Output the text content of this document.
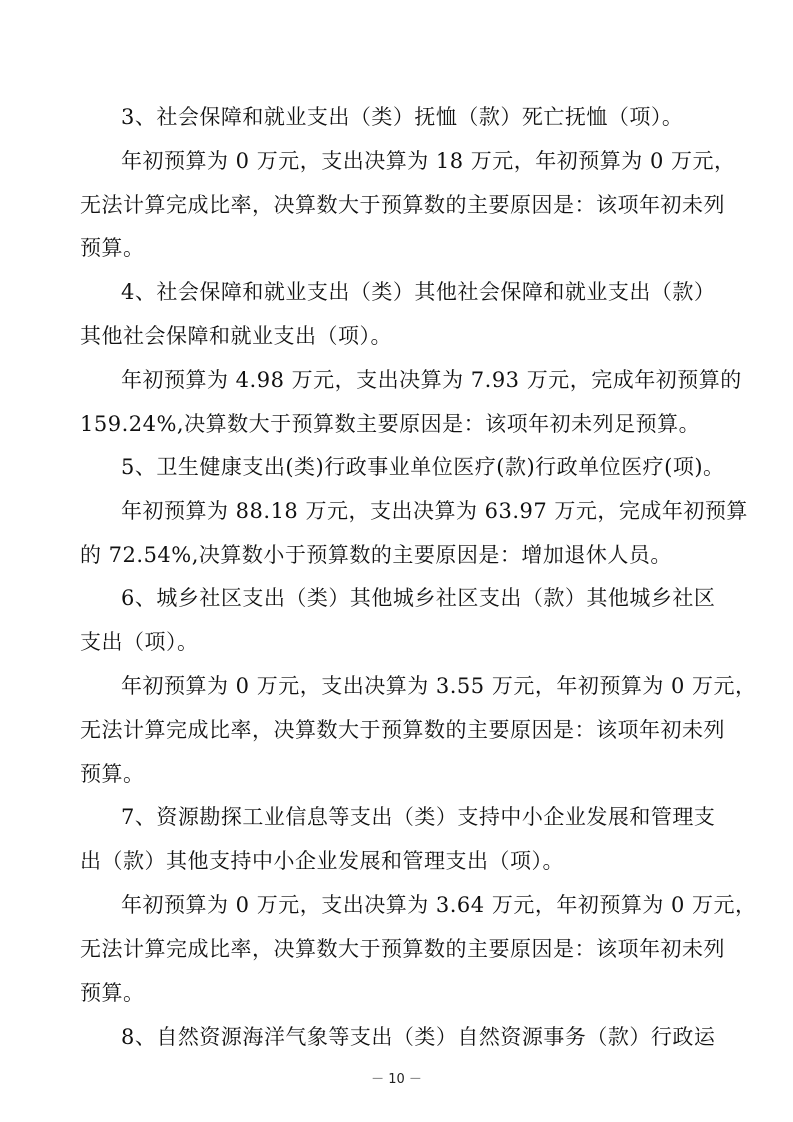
3、社会保障和就业支出（类）抚恤（款）死亡抚恤（项）。
年初预算为 0 万元，支出决算为 18 万元，年初预算为 0 万元，
无法计算完成比率，决算数大于预算数的主要原因是：该项年初未列
预算。
4、社会保障和就业支出（类）其他社会保障和就业支出（款）
其他社会保障和就业支出（项）。
年初预算为 4.98 万元，支出决算为 7.93 万元，完成年初预算的
159.24%,决算数大于预算数主要原因是：该项年初未列足预算。
5、卫生健康支出(类)行政事业单位医疗(款)行政单位医疗(项)。
年初预算为 88.18 万元，支出决算为 63.97 万元，完成年初预算
的 72.54%,决算数小于预算数的主要原因是：增加退休人员。
6、城乡社区支出（类）其他城乡社区支出（款）其他城乡社区
支出（项）。
年初预算为 0 万元，支出决算为 3.55 万元，年初预算为 0 万元，
无法计算完成比率，决算数大于预算数的主要原因是：该项年初未列
预算。
7、资源勘探工业信息等支出（类）支持中小企业发展和管理支
出（款）其他支持中小企业发展和管理支出（项）。
年初预算为 0 万元，支出决算为 3.64 万元，年初预算为 0 万元，
无法计算完成比率，决算数大于预算数的主要原因是：该项年初未列
预算。
8、自然资源海洋气象等支出（类）自然资源事务（款）行政运
－ 10 －
